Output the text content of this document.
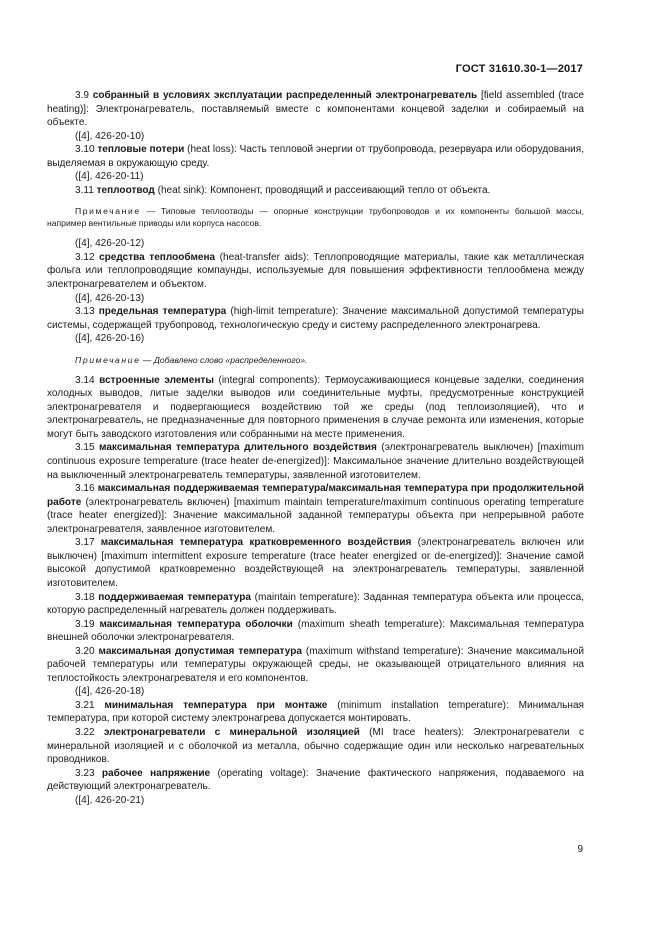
ГОСТ 31610.30-1—2017

3.9 собранный в условиях эксплуатации распределенный электронагреватель [field assembled (trace heating)]: Электронагреватель, поставляемый вместе с компонентами концевой заделки и собираемый на объекте.

([4], 426-20-10)

3.10 тепловые потери (heat loss): Часть тепловой энергии от трубопровода, резервуара или оборудования, выделяемая в окружающую среду.

([4], 426-20-11)

3.11 теплоотвод (heat sink): Компонент, проводящий и рассеивающий тепло от объекта.

Примечание — Типовые теплоотводы — опорные конструкции трубопроводов и их компоненты большой массы, например вентильные приводы или корпуса насосов.

([4], 426-20-12)

3.12 средства теплообмена (heat-transfer aids): Теплопроводящие материалы, такие как металлическая фольга или теплопроводящие компаунды, используемые для повышения эффективности теплообмена между электронагревателем и объектом.

([4], 426-20-13)

3.13 предельная температура (high-limit temperature): Значение максимальной допустимой температуры системы, содержащей трубопровод, технологическую среду и систему распределенного электронагрева.

([4], 426-20-16)

Примечание — Добавлено слово «распределенного».

3.14 встроенные элементы (integral components): Термоусаживающиеся концевые заделки, соединения холодных выводов, литые заделки выводов или соединительные муфты, предусмотренные конструкцией электронагревателя и подвергающиеся воздействию той же среды (под теплоизоляцией), что и электронагреватель, не предназначенные для повторного применения в случае ремонта или изменения, которые могут быть заводского изготовления или собранными на месте применения.

3.15 максимальная температура длительного воздействия (электронагреватель выключен) [maximum continuous exposure temperature (trace heater de-energized)]: Максимальное значение длительно воздействующей на выключенный электронагреватель температуры, заявленной изготовителем.

3.16 максимальная поддерживаемая температура/максимальная температура при продолжительной работе (электронагреватель включен) [maximum maintain temperature/maximum continuous operating temperature (trace heater energized)]: Значение максимальной заданной температуры объекта при непрерывной работе электронагревателя, заявленное изготовителем.

3.17 максимальная температура кратковременного воздействия (электронагреватель включен или выключен) [maximum intermittent exposure temperature (trace heater energized or de-energized)]: Значение самой высокой допустимой кратковременно воздействующей на электронагреватель температуры, заявленной изготовителем.

3.18 поддерживаемая температура (maintain temperature): Заданная температура объекта или процесса, которую распределенный нагреватель должен поддерживать.

3.19 максимальная температура оболочки (maximum sheath temperature): Максимальная температура внешней оболочки электронагревателя.

3.20 максимальная допустимая температура (maximum withstand temperature): Значение максимальной рабочей температуры или температуры окружающей среды, не оказывающей отрицательного влияния на теплостойкость электронагревателя и его компонентов.

([4], 426-20-18)

3.21 минимальная температура при монтаже (minimum installation temperature): Минимальная температура, при которой систему электронагрева допускается монтировать.

3.22 электронагреватели с минеральной изоляцией (MI trace heaters): Электронагреватели с минеральной изоляцией и с оболочкой из металла, обычно содержащие один или несколько нагревательных проводников.

3.23 рабочее напряжение (operating voltage): Значение фактического напряжения, подаваемого на действующий электронагреватель.

([4], 426-20-21)

9
